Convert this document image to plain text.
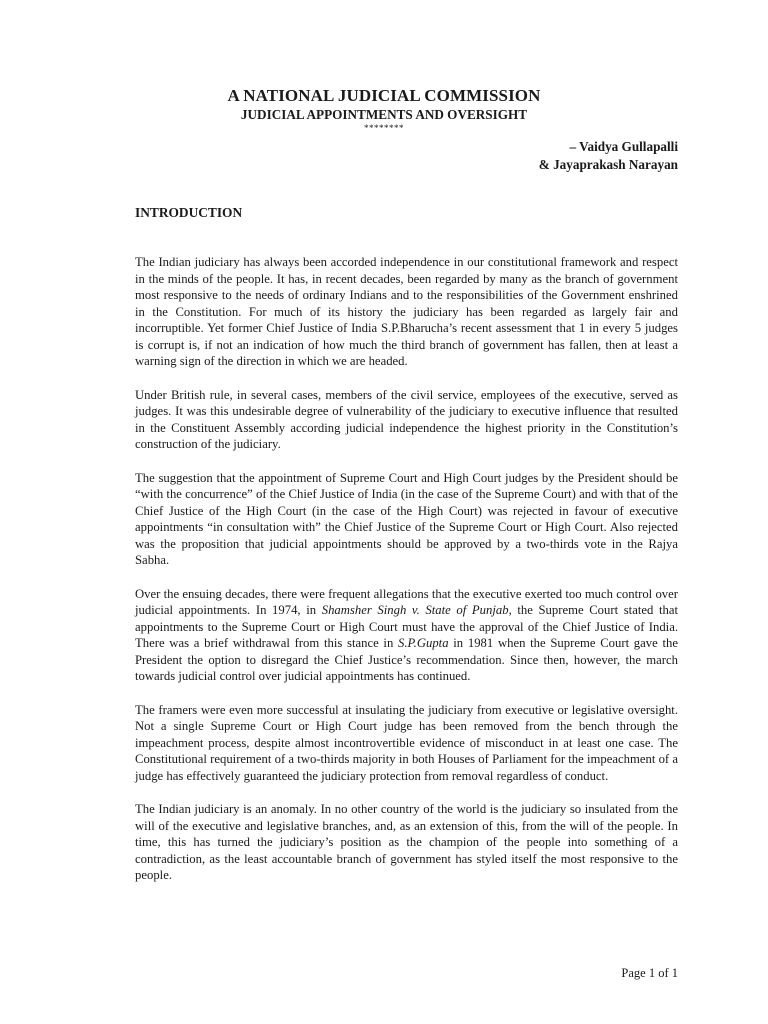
A NATIONAL JUDICIAL COMMISSION
JUDICIAL APPOINTMENTS AND OVERSIGHT
********
– Vaidya Gullapalli
& Jayaprakash Narayan
INTRODUCTION

The Indian judiciary has always been accorded independence in our constitutional framework and respect in the minds of the people. It has, in recent decades, been regarded by many as the branch of government most responsive to the needs of ordinary Indians and to the responsibilities of the Government enshrined in the Constitution. For much of its history the judiciary has been regarded as largely fair and incorruptible. Yet former Chief Justice of India S.P.Bharucha’s recent assessment that 1 in every 5 judges is corrupt is, if not an indication of how much the third branch of government has fallen, then at least a warning sign of the direction in which we are headed.

Under British rule, in several cases, members of the civil service, employees of the executive, served as judges. It was this undesirable degree of vulnerability of the judiciary to executive influence that resulted in the Constituent Assembly according judicial independence the highest priority in the Constitution’s construction of the judiciary.

The suggestion that the appointment of Supreme Court and High Court judges by the President should be “with the concurrence” of the Chief Justice of India (in the case of the Supreme Court) and with that of the Chief Justice of the High Court (in the case of the High Court) was rejected in favour of executive appointments “in consultation with” the Chief Justice of the Supreme Court or High Court. Also rejected was the proposition that judicial appointments should be approved by a two-thirds vote in the Rajya Sabha.

Over the ensuing decades, there were frequent allegations that the executive exerted too much control over judicial appointments. In 1974, in Shamsher Singh v. State of Punjab, the Supreme Court stated that appointments to the Supreme Court or High Court must have the approval of the Chief Justice of India. There was a brief withdrawal from this stance in S.P.Gupta in 1981 when the Supreme Court gave the President the option to disregard the Chief Justice’s recommendation. Since then, however, the march towards judicial control over judicial appointments has continued.

The framers were even more successful at insulating the judiciary from executive or legislative oversight. Not a single Supreme Court or High Court judge has been removed from the bench through the impeachment process, despite almost incontrovertible evidence of misconduct in at least one case. The Constitutional requirement of a two-thirds majority in both Houses of Parliament for the impeachment of a judge has effectively guaranteed the judiciary protection from removal regardless of conduct.

The Indian judiciary is an anomaly. In no other country of the world is the judiciary so insulated from the will of the executive and legislative branches, and, as an extension of this, from the will of the people. In time, this has turned the judiciary’s position as the champion of the people into something of a contradiction, as the least accountable branch of government has styled itself the most responsive to the people.

Page 1 of 1
